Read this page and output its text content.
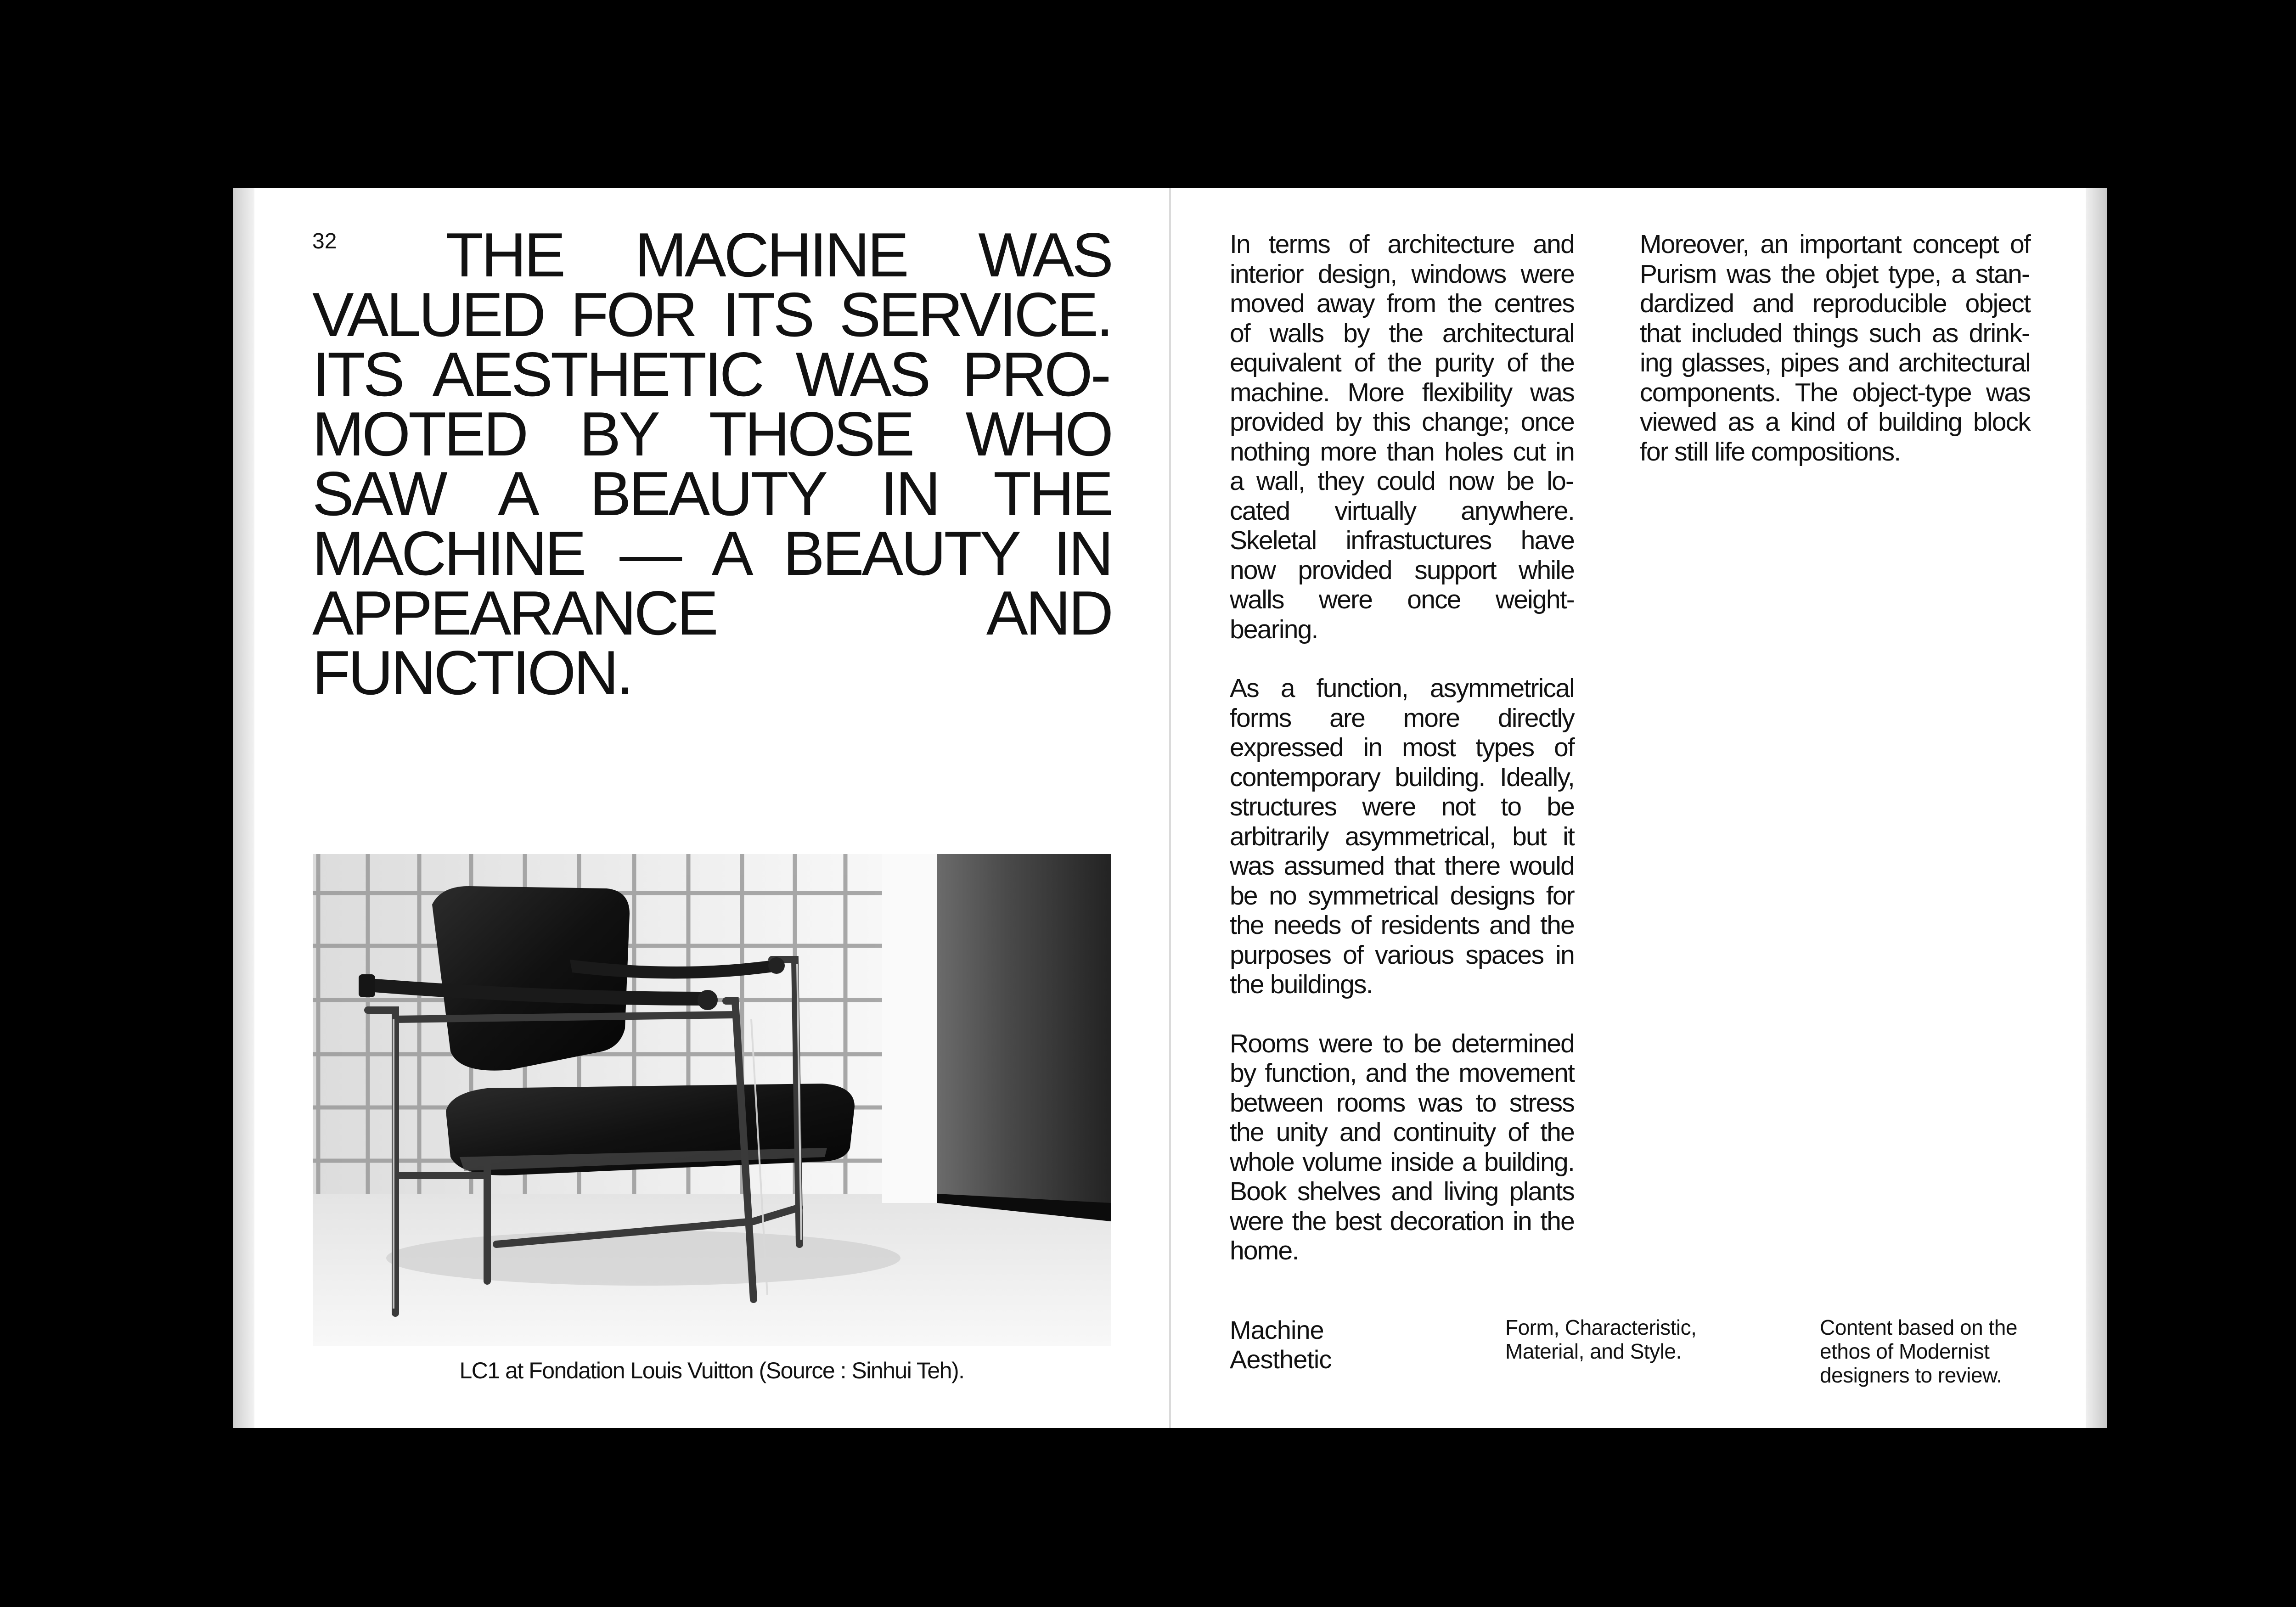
32	THE MACHINE WAS VALUED FOR ITS SERVICE. ITS AESTHETIC WAS PROMOTED BY THOSE WHO SAW A BEAUTY IN THE MACHINE — A BEAUTY IN APPEARANCE AND FUNCTION.
LC1 at Fondation Louis Vuitton (Source : Sinhui Teh).

In terms of architecture and interior design, windows were moved away from the centres of walls by the architectural equivalent of the purity of the machine. More flexibility was provided by this change; once nothing more than holes cut in a wall, they could now be located virtually anywhere. Skeletal infrastuctures have now provided support while walls were once weight-bearing.

As a function, asymmetrical forms are more directly expressed in most types of contemporary building. Ideally, structures were not to be arbitrarily asymmetrical, but it was assumed that there would be no symmetrical designs for the needs of residents and the purposes of various spaces in the buildings.

Rooms were to be determined by function, and the movement between rooms was to stress the unity and continuity of the whole volume inside a building. Book shelves and living plants were the best decoration in the home.

Moreover, an important concept of Purism was the objet type, a standardized and reproducible object that included things such as drinking glasses, pipes and architectural components. The object-type was viewed as a kind of building block for still life compositions.

Machine Aesthetic
Form, Characteristic, Material, and Style.
Content based on the ethos of Modernist designers to review.
